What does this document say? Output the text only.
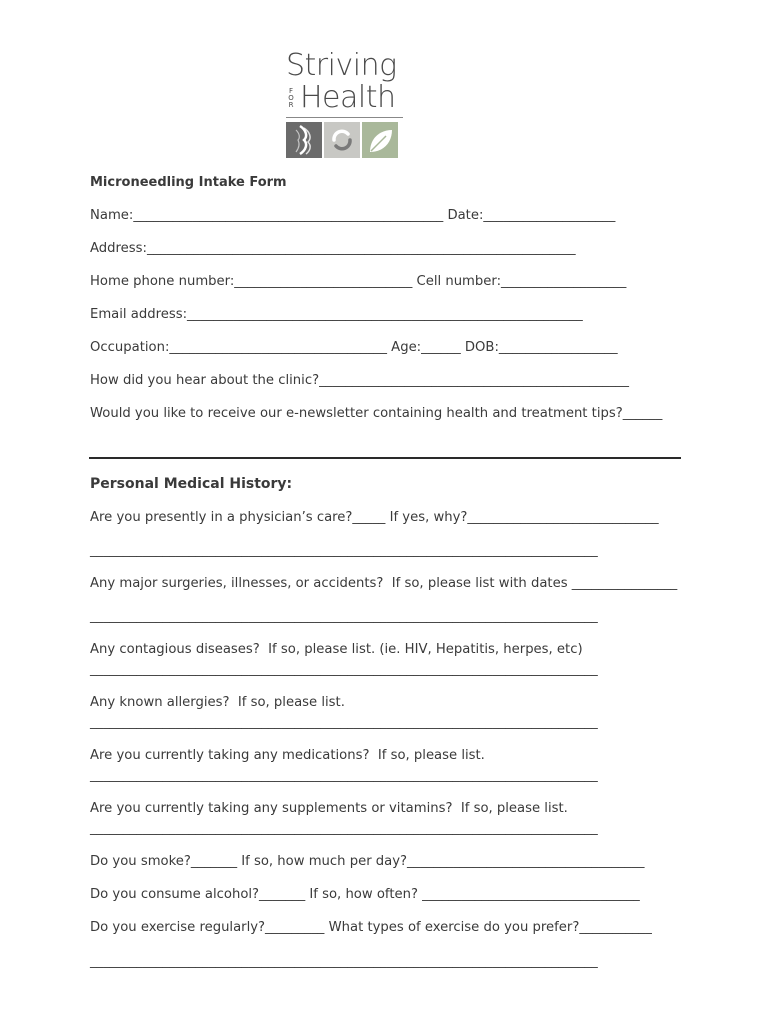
Striving
F
O
R Health
Microneedling Intake Form
Name:_______________________________________________ Date:____________________
Address:_________________________________________________________________
Home phone number:___________________________ Cell number:___________________
Email address:____________________________________________________________
Occupation:_________________________________ Age:______ DOB:__________________
How did you hear about the clinic?_______________________________________________
Would you like to receive our e-newsletter containing health and treatment tips?______
Personal Medical History:
Are you presently in a physician’s care?_____ If yes, why?_____________________________
_____________________________________________________________________________
Any major surgeries, illnesses, or accidents?  If so, please list with dates ________________
_____________________________________________________________________________
Any contagious diseases?  If so, please list. (ie. HIV, Hepatitis, herpes, etc)
_____________________________________________________________________________
Any known allergies?  If so, please list.
_____________________________________________________________________________
Are you currently taking any medications?  If so, please list.
_____________________________________________________________________________
Are you currently taking any supplements or vitamins?  If so, please list.
_____________________________________________________________________________
Do you smoke?_______ If so, how much per day?____________________________________
Do you consume alcohol?_______ If so, how often? _________________________________
Do you exercise regularly?_________ What types of exercise do you prefer?___________
_____________________________________________________________________________
